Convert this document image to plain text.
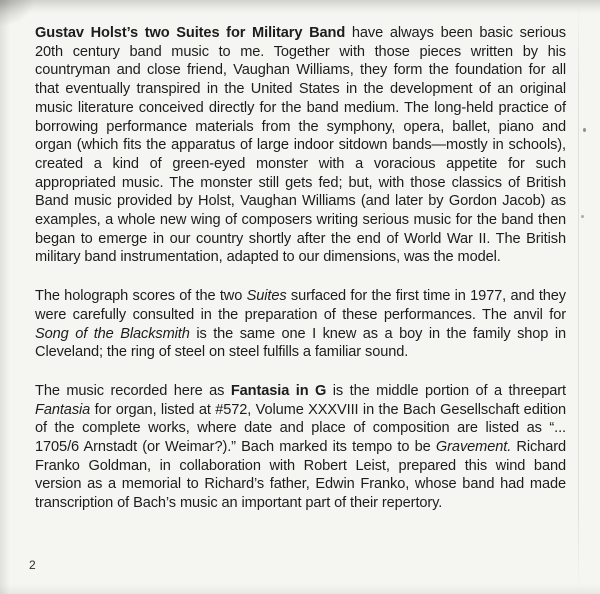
Gustav Holst’s two Suites for Military Band have always been basic serious 20th century band music to me. Together with those pieces written by his countryman and close friend, Vaughan Williams, they form the foundation for all that eventually transpired in the United States in the development of an original music literature conceived directly for the band medium. The long-held practice of borrowing performance materials from the symphony, opera, ballet, piano and organ (which fits the apparatus of large indoor sitdown bands—mostly in schools), created a kind of green-eyed monster with a voracious appetite for such appropriated music. The monster still gets fed; but, with those classics of British Band music provided by Holst, Vaughan Williams (and later by Gordon Jacob) as examples, a whole new wing of composers writing serious music for the band then began to emerge in our country shortly after the end of World War II. The British military band instrumentation, adapted to our dimensions, was the model.

The holograph scores of the two Suites surfaced for the first time in 1977, and they were carefully consulted in the preparation of these performances. The anvil for Song of the Blacksmith is the same one I knew as a boy in the family shop in Cleveland; the ring of steel on steel fulfills a familiar sound.

The music recorded here as Fantasia in G is the middle portion of a threepart Fantasia for organ, listed at #572, Volume XXXVIII in the Bach Gesellschaft edition of the complete works, where date and place of composition are listed as “... 1705/6 Arnstadt (or Weimar?).” Bach marked its tempo to be Gravement. Richard Franko Goldman, in collaboration with Robert Leist, prepared this wind band version as a memorial to Richard’s father, Edwin Franko, whose band had made transcription of Bach’s music an important part of their repertory.

2
